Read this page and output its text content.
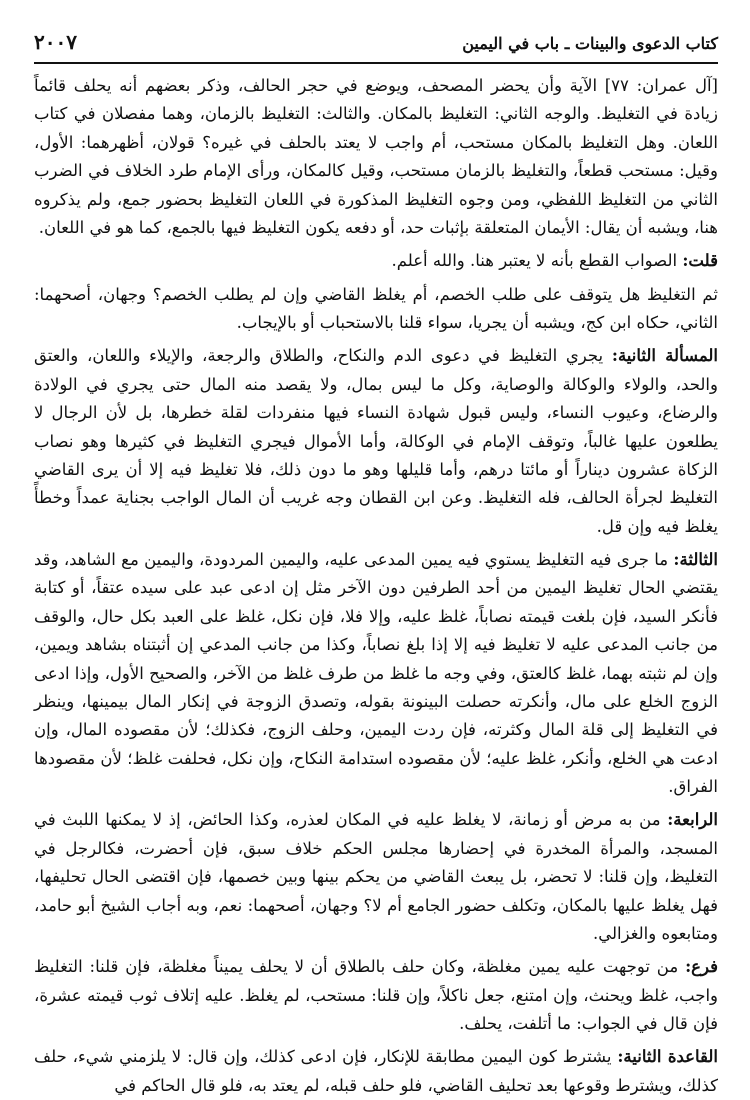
كتاب الدعوى والبينات ـ باب في اليمين
٢٠٠٧

[آل عمران: ٧٧] الآية وأن يحضر المصحف، ويوضع في حجر الحالف، وذكر بعضهم أنه يحلف قائماً زيادة في التغليظ. والوجه الثاني: التغليظ بالمكان. والثالث: التغليظ بالزمان، وهما مفصلان في كتاب اللعان. وهل التغليظ بالمكان مستحب، أم واجب لا يعتد بالحلف في غيره؟ قولان، أظهرهما: الأول، وقيل: مستحب قطعاً، والتغليظ بالزمان مستحب، وقيل كالمكان، ورأى الإمام طرد الخلاف في الضرب الثاني من التغليظ اللفظي، ومن وجوه التغليظ المذكورة في اللعان التغليظ بحضور جمع، ولم يذكروه هنا، ويشبه أن يقال: الأيمان المتعلقة بإثبات حد، أو دفعه يكون التغليظ فيها بالجمع، كما هو في اللعان.

قلت: الصواب القطع بأنه لا يعتبر هنا. والله أعلم.

ثم التغليظ هل يتوقف على طلب الخصم، أم يغلظ القاضي وإن لم يطلب الخصم؟ وجهان، أصحهما: الثاني، حكاه ابن كج، ويشبه أن يجريا، سواء قلنا بالاستحباب أو بالإيجاب.

المسألة الثانية: يجري التغليظ في دعوى الدم والنكاح، والطلاق والرجعة، والإيلاء واللعان، والعتق والحد، والولاء والوكالة والوصاية، وكل ما ليس بمال، ولا يقصد منه المال حتى يجري في الولادة والرضاع، وعيوب النساء، وليس قبول شهادة النساء فيها منفردات لقلة خطرها، بل لأن الرجال لا يطلعون عليها غالباً، وتوقف الإمام في الوكالة، وأما الأموال فيجري التغليظ في كثيرها وهو نصاب الزكاة عشرون ديناراً أو مائتا درهم، وأما قليلها وهو ما دون ذلك، فلا تغليظ فيه إلا أن يرى القاضي التغليظ لجرأة الحالف، فله التغليظ. وعن ابن القطان وجه غريب أن المال الواجب بجناية عمداً وخطأً يغلظ فيه وإن قل.

الثالثة: ما جرى فيه التغليظ يستوي فيه يمين المدعى عليه، واليمين المردودة، واليمين مع الشاهد، وقد يقتضي الحال تغليظ اليمين من أحد الطرفين دون الآخر مثل إن ادعى عبد على سيده عتقاً، أو كتابة فأنكر السيد، فإن بلغت قيمته نصاباً، غلظ عليه، وإلا فلا، فإن نكل، غلظ على العبد بكل حال، والوقف من جانب المدعى عليه لا تغليظ فيه إلا إذا بلغ نصاباً، وكذا من جانب المدعي إن أثبتناه بشاهد ويمين، وإن لم نثبته بهما، غلظ كالعتق، وفي وجه ما غلظ من طرف غلظ من الآخر، والصحيح الأول، وإذا ادعى الزوج الخلع على مال، وأنكرته حصلت البينونة بقوله، وتصدق الزوجة في إنكار المال بيمينها، وينظر في التغليظ إلى قلة المال وكثرته، فإن ردت اليمين، وحلف الزوج، فكذلك؛ لأن مقصوده المال، وإن ادعت هي الخلع، وأنكر، غلظ عليه؛ لأن مقصوده استدامة النكاح، وإن نكل، فحلفت غلظ؛ لأن مقصودها الفراق.

الرابعة: من به مرض أو زمانة، لا يغلظ عليه في المكان لعذره، وكذا الحائض، إذ لا يمكنها اللبث في المسجد، والمرأة المخدرة في إحضارها مجلس الحكم خلاف سبق، فإن أحضرت، فكالرجل في التغليظ، وإن قلنا: لا تحضر، بل يبعث القاضي من يحكم بينها وبين خصمها، فإن اقتضى الحال تحليفها، فهل يغلظ عليها بالمكان، وتكلف حضور الجامع أم لا؟ وجهان، أصحهما: نعم، وبه أجاب الشيخ أبو حامد، ومتابعوه والغزالي.

فرع: من توجهت عليه يمين مغلظة، وكان حلف بالطلاق أن لا يحلف يميناً مغلظة، فإن قلنا: التغليظ واجب، غلظ ويحنث، وإن امتنع، جعل ناكلاً، وإن قلنا: مستحب، لم يغلظ. عليه إتلاف ثوب قيمته عشرة، فإن قال في الجواب: ما أتلفت، يحلف.

القاعدة الثانية: يشترط كون اليمين مطابقة للإنكار، فإن ادعى كذلك، وإن قال: لا يلزمني شيء، حلف كذلك، ويشترط وقوعها بعد تحليف القاضي، فلو حلف قبله، لم يعتد به، فلو قال الحاكم في
